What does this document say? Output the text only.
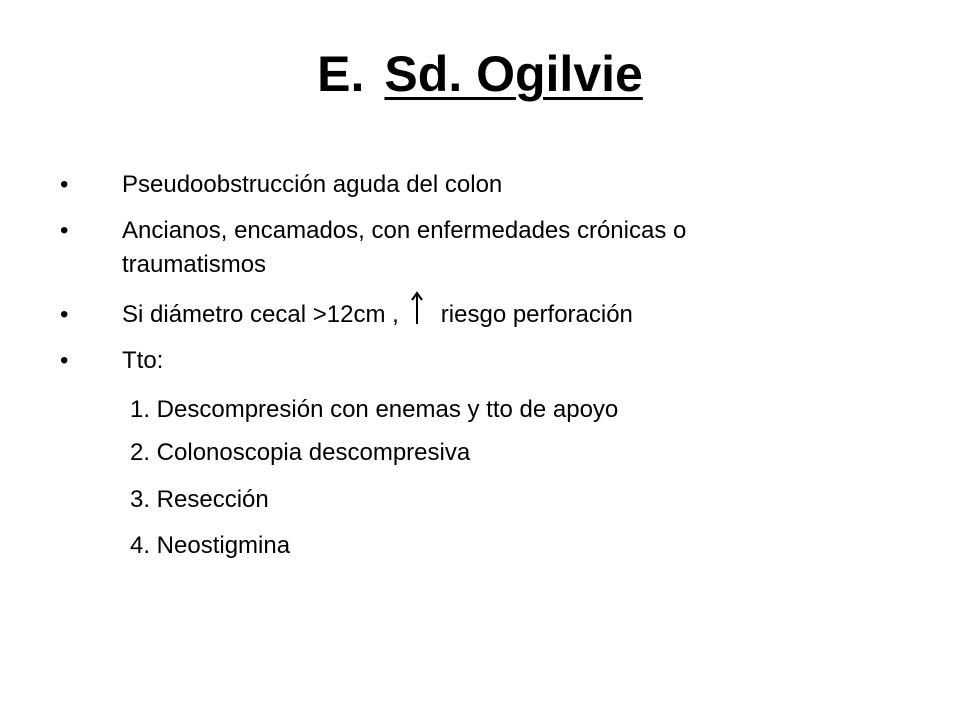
E. Sd. Ogilvie
•	Pseudoobstrucción aguda del colon
•	Ancianos, encamados, con enfermedades crónicas o
traumatismos
•	Si diámetro cecal >12cm , riesgo perforación
•	Tto:
1. Descompresión con enemas y tto de apoyo
2. Colonoscopia descompresiva
3. Resección
4. Neostigmina
